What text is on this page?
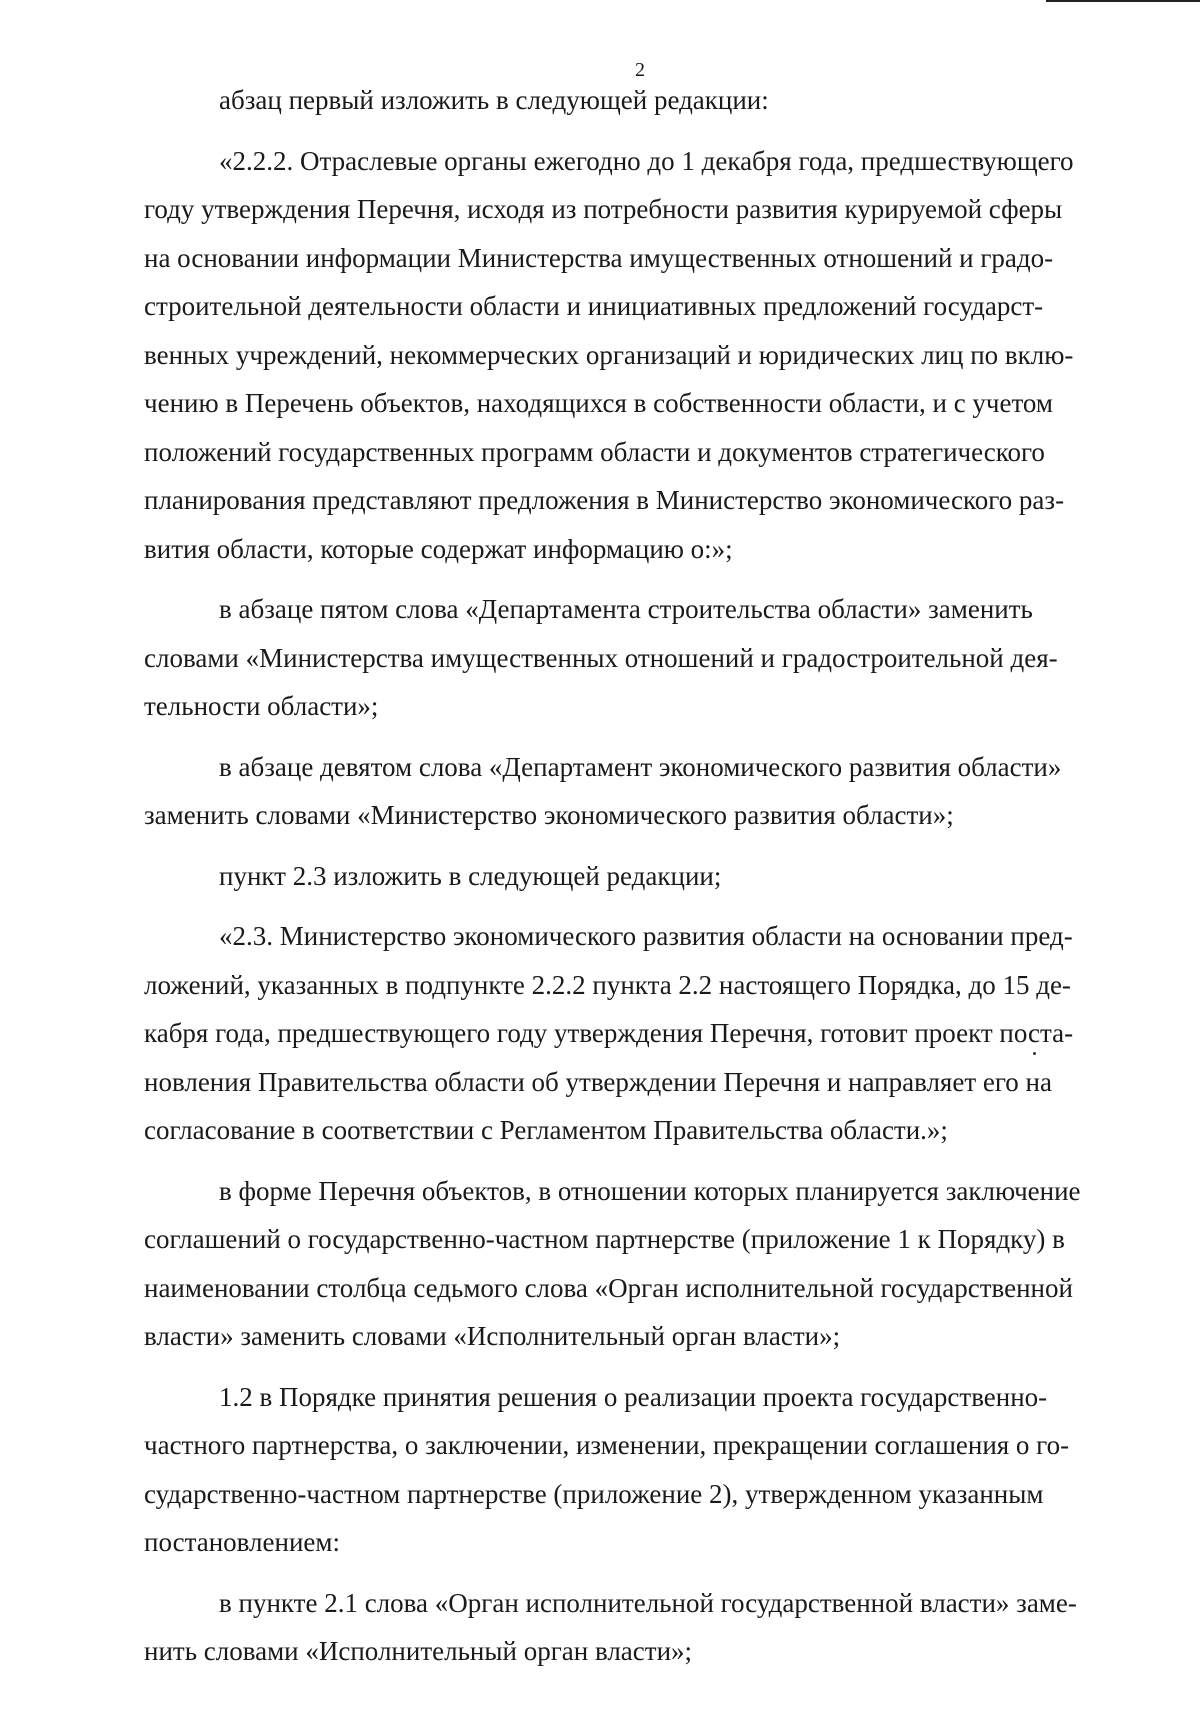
2

абзац первый изложить в следующей редакции:

«2.2.2. Отраслевые органы ежегодно до 1 декабря года, предшествующего
году утверждения Перечня, исходя из потребности развития курируемой сферы
на основании информации Министерства имущественных отношений и градо-
строительной деятельности области и инициативных предложений государст-
венных учреждений, некоммерческих организаций и юридических лиц по вклю-
чению в Перечень объектов, находящихся в собственности области, и с учетом
положений государственных программ области и документов стратегического
планирования представляют предложения в Министерство экономического раз-
вития области, которые содержат информацию о:»;

в абзаце пятом слова «Департамента строительства области» заменить
словами «Министерства имущественных отношений и градостроительной дея-
тельности области»;

в абзаце девятом слова «Департамент экономического развития области»
заменить словами «Министерство экономического развития области»;

пункт 2.3 изложить в следующей редакции;

«2.3. Министерство экономического развития области на основании пред-
ложений, указанных в подпункте 2.2.2 пункта 2.2 настоящего Порядка, до 15 де-
кабря года, предшествующего году утверждения Перечня, готовит проект поста-
новления Правительства области об утверждении Перечня и направляет его на
согласование в соответствии с Регламентом Правительства области.»;

в форме Перечня объектов, в отношении которых планируется заключение
соглашений о государственно-частном партнерстве (приложение 1 к Порядку) в
наименовании столбца седьмого слова «Орган исполнительной государственной
власти» заменить словами «Исполнительный орган власти»;

1.2 в Порядке принятия решения о реализации проекта государственно-
частного партнерства, о заключении, изменении, прекращении соглашения о го-
сударственно-частном партнерстве (приложение 2), утвержденном указанным
постановлением:

в пункте 2.1 слова «Орган исполнительной государственной власти» заме-
нить словами «Исполнительный орган власти»;
